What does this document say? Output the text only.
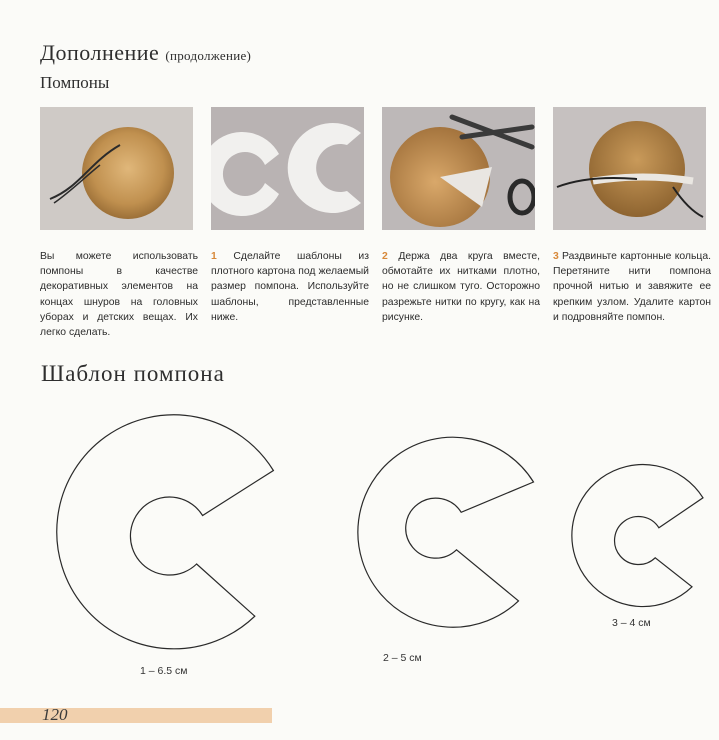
Дополнение (продолжение)
Помпоны
Вы можете использовать помпоны в качестве декоративных элементов на концах шнуров на головных уборах и детских вещах. Их легко сделать.
1 Сделайте шаблоны из плотного картона под желаемый размер помпона. Используйте шаблоны, представленные ниже.
2 Держа два круга вместе, обмотайте их нитками плотно, но не слишком туго. Осторожно разрежьте нитки по кругу, как на рисунке.
3 Раздвиньте картонные кольца. Перетяните нити помпона прочной нитью и завяжите ее крепким узлом. Удалите картон и подровняйте помпон.
Шаблон помпона
1 – 6.5 см
2 – 5 см
3 – 4 см
120
